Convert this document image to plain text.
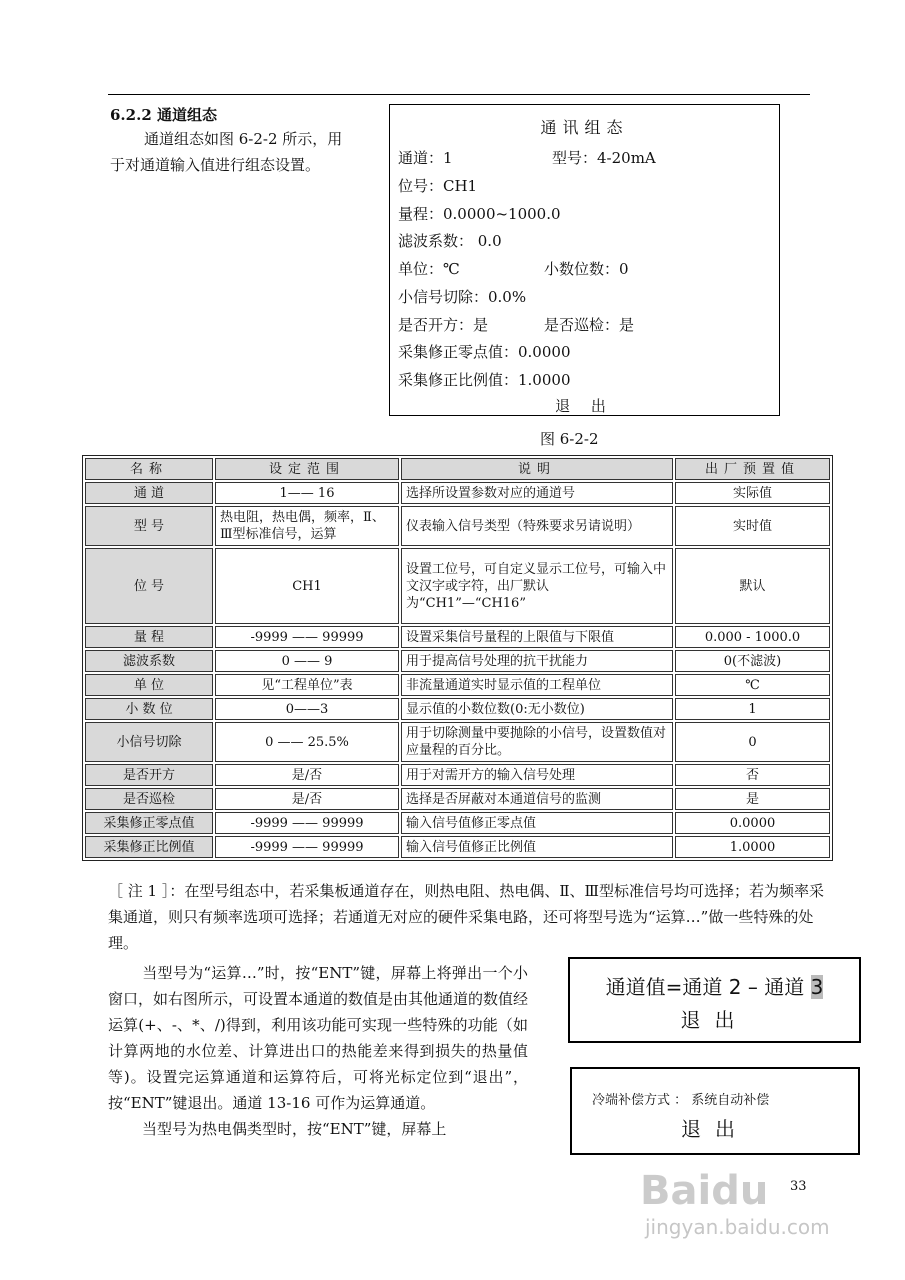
6.2.2 通道组态
通道组态如图 6-2-2 所示，用
于对通道输入值进行组态设置。
通讯组态
通道：1	型号：4-20mA
位号：CH1
量程：0.0000~1000.0
滤波系数： 0.0
单位：℃	小数位数：0
小信号切除：0.0%
是否开方：是	是否巡检：是
采集修正零点值：0.0000
采集修正比例值：1.0000
退 出
图 6-2-2
名称	设定范围	说明	出厂预置值
通 道	1—— 16	选择所设置参数对应的通道号	实际值
型 号	热电阻，热电偶，频率，Ⅱ、Ⅲ型标准信号，运算	仪表输入信号类型（特殊要求另请说明）	实时值
位 号	CH1	设置工位号，可自定义显示工位号，可输入中文汉字或字符，出厂默认为“CH1”—“CH16”	默认
量 程	-9999 —— 99999	设置采集信号量程的上限值与下限值	0.000 - 1000.0
滤波系数	0 —— 9	用于提高信号处理的抗干扰能力	0(不滤波)
单 位	见“工程单位”表	非流量通道实时显示值的工程单位	℃
小 数 位	0——3	显示值的小数位数(0:无小数位)	1
小信号切除	0 —— 25.5%	用于切除测量中要抛除的小信号，设置数值对应量程的百分比。	0
是否开方	是/否	用于对需开方的输入信号处理	否
是否巡检	是/否	选择是否屏蔽对本通道信号的监测	是
采集修正零点值	-9999 —— 99999	输入信号值修正零点值	0.0000
采集修正比例值	-9999 —— 99999	输入信号值修正比例值	1.0000
［ 注 1 ］：在型号组态中，若采集板通道存在，则热电阻、热电偶、Ⅱ、Ⅲ型标准信号均可选择；若为频率采集通道，则只有频率选项可选择；若通道无对应的硬件采集电路，还可将型号选为“运算…”做一些特殊的处理。
当型号为“运算…”时，按“ENT”键，屏幕上将弹出一个小窗口，如右图所示，可设置本通道的数值是由其他通道的数值经运算(+、-、*、/)得到，利用该功能可实现一些特殊的功能（如计算两地的水位差、计算进出口的热能差来得到损失的热量值等)。设置完运算通道和运算符后，可将光标定位到“退出”，按“ENT”键退出。通道 13-16 可作为运算通道。
当型号为热电偶类型时，按“ENT”键，屏幕上
通道值=通道 2 – 通道 3
退出
冷端补偿方式 ： 系统自动补偿
退出
33
Baidu
jingyan.baidu.com
